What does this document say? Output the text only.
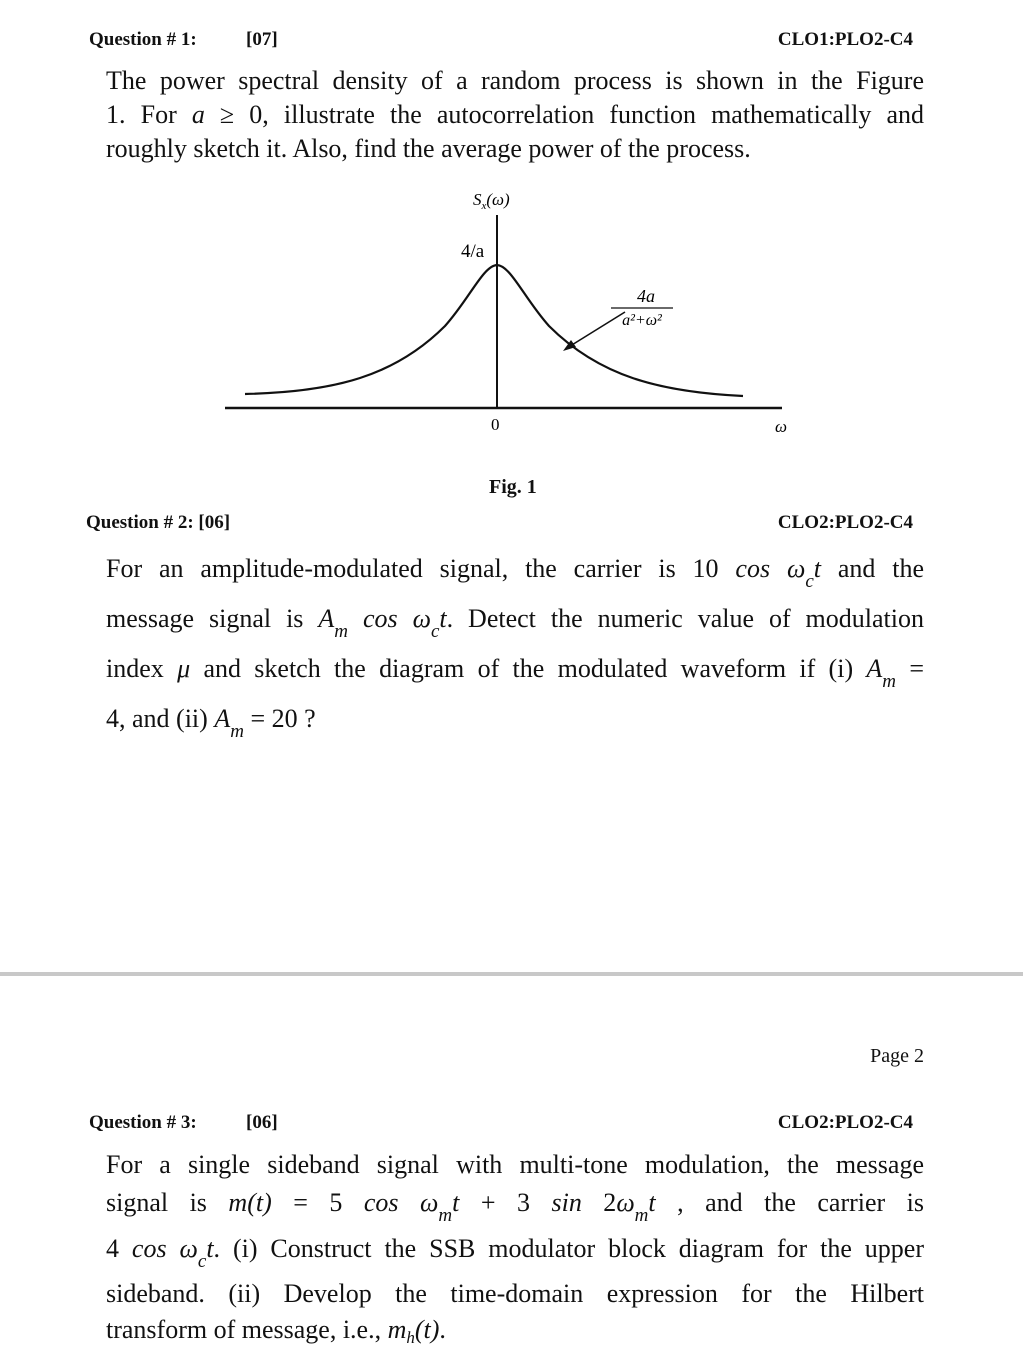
Question # 1:	[07]	CLO1:PLO2-C4
The power spectral density of a random process is shown in the Figure
1. For a ≥ 0, illustrate the autocorrelation function mathematically and
roughly sketch it. Also, find the average power of the process.
$S_x(\omega)$
4/a
4a
a²+ω²
0	ω
Fig. 1
Question # 2: [06]	CLO2:PLO2-C4
For an amplitude-modulated signal, the carrier is 10 $\cos \omega_ct$ and the
message signal is $A_m$ $\cos \omega_ct$. Detect the numeric value of modulation
index μ and sketch the diagram of the modulated waveform if (i) $A_m$ =
4, and (ii) $A_m = 20$ ?
Page 2
Question # 3:	[06]	CLO2:PLO2-C4
For a single sideband signal with multi-tone modulation, the message
signal is m(t) = 5 $\cos \omega_mt + 3$ $\sin 2\omega_mt$ , and the carrier is
4 $\cos \omega_ct$. (i) Construct the SSB modulator block diagram for the upper
sideband. (ii) Develop the time-domain expression for the Hilbert
transform of message, i.e., mh(t).
